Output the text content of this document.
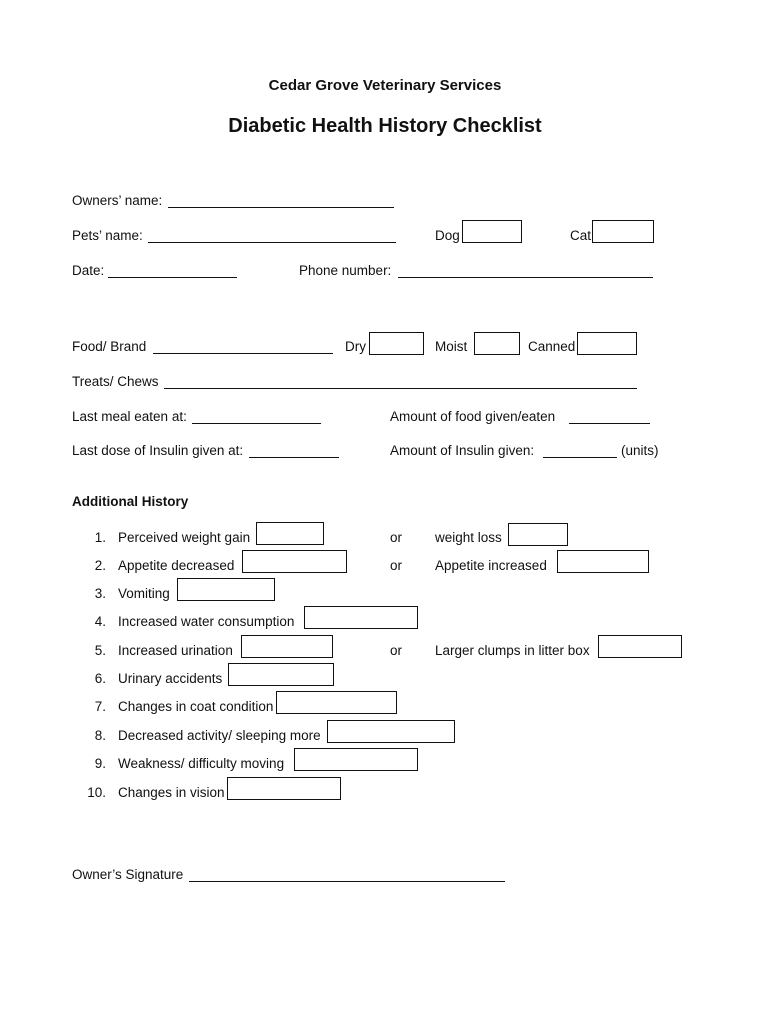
Cedar Grove Veterinary Services
Diabetic Health History Checklist
Owners’ name:
Pets’ name:	Dog	Cat
Date:	Phone number:
Food/ Brand	Dry	Moist	Canned
Treats/ Chews
Last meal eaten at:	Amount of food given/eaten
Last dose of Insulin given at:	Amount of Insulin given:	(units)
Additional History
1. Perceived weight gain	or weight loss
2. Appetite decreased	or Appetite increased
3. Vomiting
4. Increased water consumption
5. Increased urination	or Larger clumps in litter box
6. Urinary accidents
7. Changes in coat condition
8. Decreased activity/ sleeping more
9. Weakness/ difficulty moving
10. Changes in vision
Owner’s Signature
